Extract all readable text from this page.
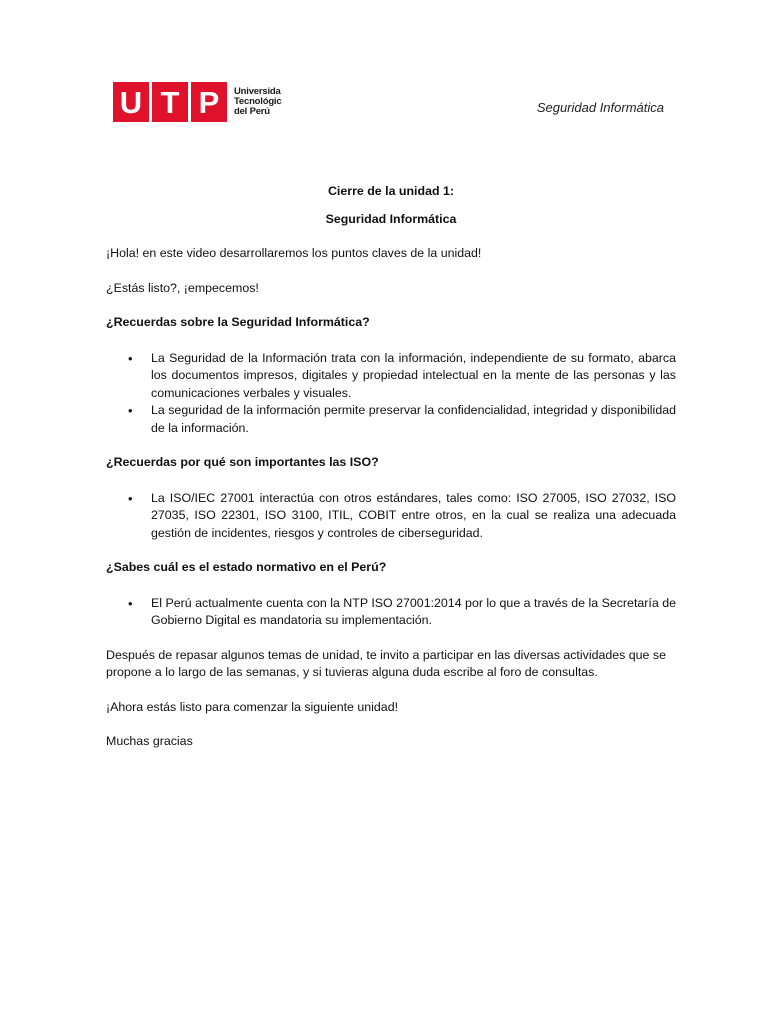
U T P	Universida
Tecnológic
del Perú	Seguridad Informática

Cierre de la unidad 1:

Seguridad Informática

¡Hola! en este video desarrollaremos los puntos claves de la unidad!

¿Estás listo?, ¡empecemos!

¿Recuerdas sobre la Seguridad Informática?

• La Seguridad de la Información trata con la información, independiente de su formato, abarca los documentos impresos, digitales y propiedad intelectual en la mente de las personas y las comunicaciones verbales y visuales.
• La seguridad de la información permite preservar la confidencialidad, integridad y disponibilidad de la información.

¿Recuerdas por qué son importantes las ISO?

• La ISO/IEC 27001 interactúa con otros estándares, tales como: ISO 27005, ISO 27032, ISO 27035, ISO 22301, ISO 3100, ITIL, COBIT entre otros, en la cual se realiza una adecuada gestión de incidentes, riesgos y controles de ciberseguridad.

¿Sabes cuál es el estado normativo en el Perú?

• El Perú actualmente cuenta con la NTP ISO 27001:2014 por lo que a través de la Secretaría de Gobierno Digital es mandatoria su implementación.

Después de repasar algunos temas de unidad, te invito a participar en las diversas actividades que se propone a lo largo de las semanas, y si tuvieras alguna duda escribe al foro de consultas.

¡Ahora estás listo para comenzar la siguiente unidad!

Muchas gracias
